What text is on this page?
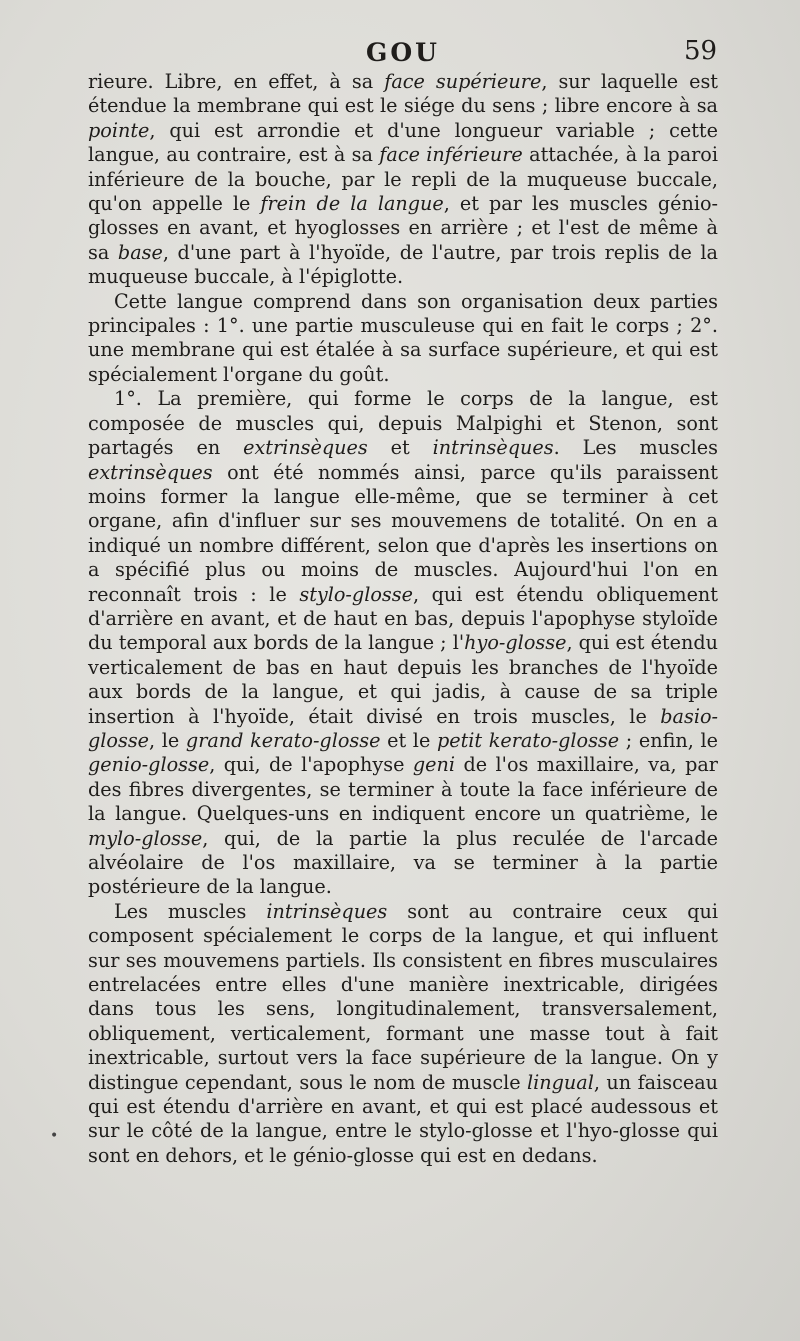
GOU	59

rieure. Libre, en effet, à sa face supérieure, sur laquelle est étendue la membrane qui est le siége du sens ; libre encore à sa pointe, qui est arrondie et d'une longueur variable ; cette langue, au contraire, est à sa face inférieure attachée, à la paroi inférieure de la bouche, par le repli de la muqueuse buccale, qu'on appelle le frein de la langue, et par les muscles génio-glosses en avant, et hyoglosses en arrière ; et l'est de même à sa base, d'une part à l'hyoïde, de l'autre, par trois replis de la muqueuse buccale, à l'épiglotte.

Cette langue comprend dans son organisation deux parties principales : 1°. une partie musculeuse qui en fait le corps ; 2°. une membrane qui est étalée à sa surface supérieure, et qui est spécialement l'organe du goût.

1°. La première, qui forme le corps de la langue, est composée de muscles qui, depuis Malpighi et Stenon, sont partagés en extrinsèques et intrinsèques. Les muscles extrinsèques ont été nommés ainsi, parce qu'ils paraissent moins former la langue elle-même, que se terminer à cet organe, afin d'influer sur ses mouvemens de totalité. On en a indiqué un nombre différent, selon que d'après les insertions on a spécifié plus ou moins de muscles. Aujourd'hui l'on en reconnaît trois : le stylo-glosse, qui est étendu obliquement d'arrière en avant, et de haut en bas, depuis l'apophyse styloïde du temporal aux bords de la langue ; l'hyo-glosse, qui est étendu verticalement de bas en haut depuis les branches de l'hyoïde aux bords de la langue, et qui jadis, à cause de sa triple insertion à l'hyoïde, était divisé en trois muscles, le basio-glosse, le grand kerato-glosse et le petit kerato-glosse ; enfin, le genio-glosse, qui, de l'apophyse geni de l'os maxillaire, va, par des fibres divergentes, se terminer à toute la face inférieure de la langue. Quelques-uns en indiquent encore un quatrième, le mylo-glosse, qui, de la partie la plus reculée de l'arcade alvéolaire de l'os maxillaire, va se terminer à la partie postérieure de la langue.

Les muscles intrinsèques sont au contraire ceux qui composent spécialement le corps de la langue, et qui influent sur ses mouvemens partiels. Ils consistent en fibres musculaires entrelacées entre elles d'une manière inextricable, dirigées dans tous les sens, longitudinalement, transversalement, obliquement, verticalement, formant une masse tout à fait inextricable, surtout vers la face supérieure de la langue. On y distingue cependant, sous le nom de muscle lingual, un faisceau qui est étendu d'arrière en avant, et qui est placé audessous et sur le côté de la langue, entre le stylo-glosse et l'hyo-glosse qui sont en dehors, et le génio-glosse qui est en dedans.

•
